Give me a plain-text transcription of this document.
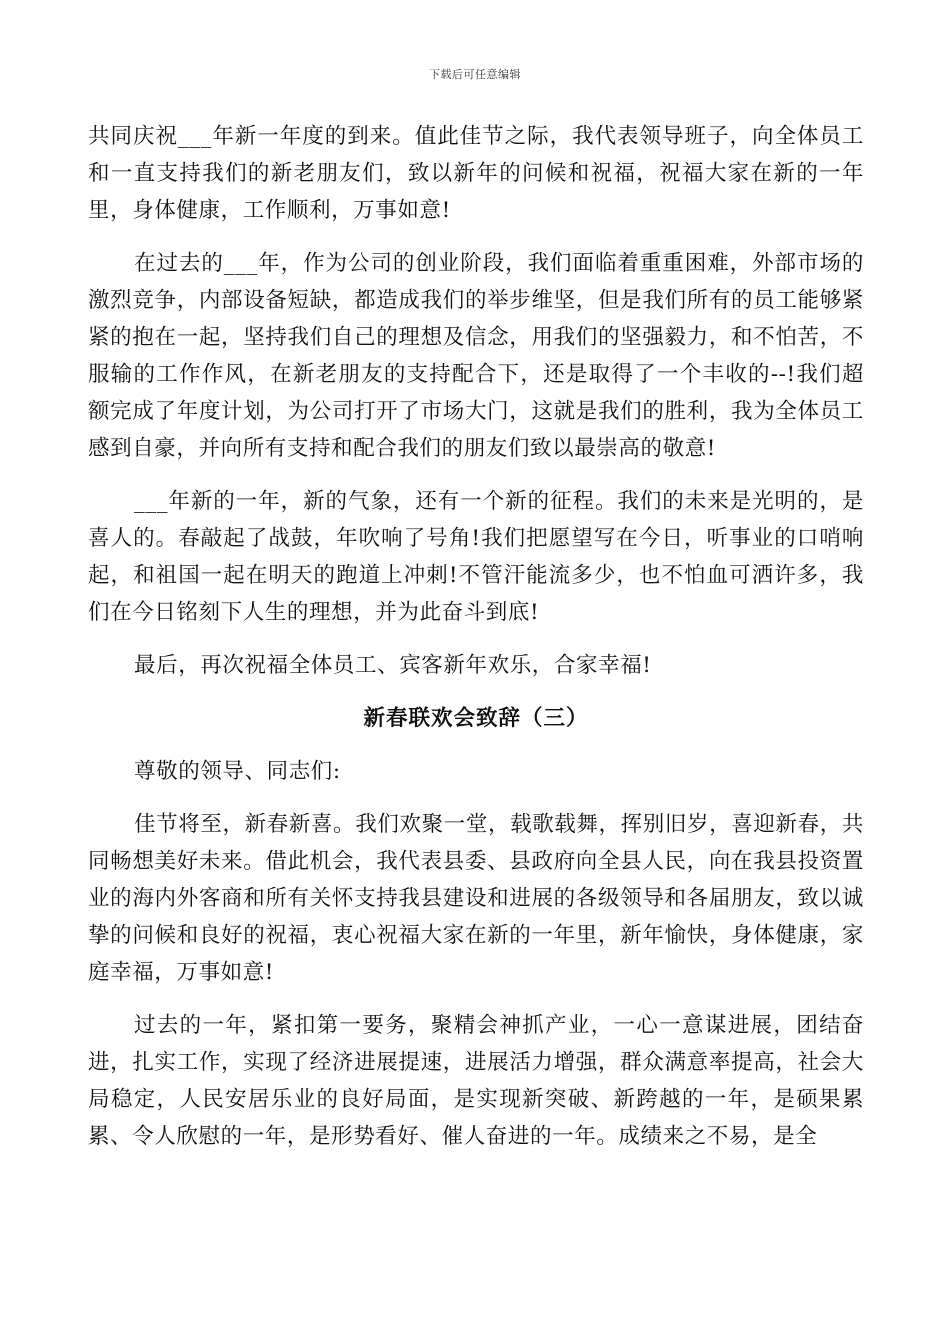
下载后可任意编辑

共同庆祝___年新一年度的到来。值此佳节之际，我代表领导班子，向全体员工和一直支持我们的新老朋友们，致以新年的问候和祝福，祝福大家在新的一年里，身体健康，工作顺利，万事如意!

在过去的___年，作为公司的创业阶段，我们面临着重重困难，外部市场的激烈竞争，内部设备短缺，都造成我们的举步维坚，但是我们所有的员工能够紧紧的抱在一起，坚持我们自己的理想及信念，用我们的坚强毅力，和不怕苦，不服输的工作作风，在新老朋友的支持配合下，还是取得了一个丰收的--!我们超额完成了年度计划，为公司打开了市场大门，这就是我们的胜利，我为全体员工感到自豪，并向所有支持和配合我们的朋友们致以最崇高的敬意!

___年新的一年，新的气象，还有一个新的征程。我们的未来是光明的，是喜人的。春敲起了战鼓，年吹响了号角!我们把愿望写在今日，听事业的口哨响起，和祖国一起在明天的跑道上冲刺!不管汗能流多少，也不怕血可洒许多，我们在今日铭刻下人生的理想，并为此奋斗到底!

最后，再次祝福全体员工、宾客新年欢乐，合家幸福!

新春联欢会致辞（三）

尊敬的领导、同志们:

佳节将至，新春新喜。我们欢聚一堂，载歌载舞，挥别旧岁，喜迎新春，共同畅想美好未来。借此机会，我代表县委、县政府向全县人民，向在我县投资置业的海内外客商和所有关怀支持我县建设和进展的各级领导和各届朋友，致以诚挚的问候和良好的祝福，衷心祝福大家在新的一年里，新年愉快，身体健康，家庭幸福，万事如意!

过去的一年，紧扣第一要务，聚精会神抓产业，一心一意谋进展，团结奋进，扎实工作，实现了经济进展提速，进展活力增强，群众满意率提高，社会大局稳定，人民安居乐业的良好局面，是实现新突破、新跨越的一年，是硕果累累、令人欣慰的一年，是形势看好、催人奋进的一年。成绩来之不易，是全
